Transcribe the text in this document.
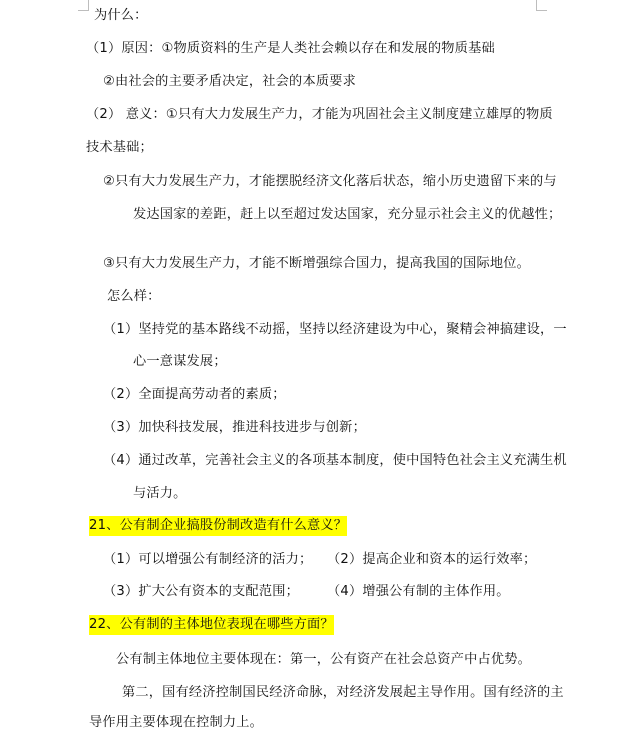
为什么：
（1）原因：①物质资料的生产是人类社会赖以存在和发展的物质基础
②由社会的主要矛盾决定，社会的本质要求
（2） 意义：①只有大力发展生产力，才能为巩固社会主义制度建立雄厚的物质
技术基础；
②只有大力发展生产力，才能摆脱经济文化落后状态，缩小历史遗留下来的与
发达国家的差距，赶上以至超过发达国家，充分显示社会主义的优越性；
③只有大力发展生产力，才能不断增强综合国力，提高我国的国际地位。
怎么样：
（1）坚持党的基本路线不动摇，坚持以经济建设为中心，聚精会神搞建设，一
心一意谋发展；
（2）全面提高劳动者的素质；
（3）加快科技发展，推进科技进步与创新；
（4）通过改革，完善社会主义的各项基本制度，使中国特色社会主义充满生机
与活力。
21、公有制企业搞股份制改造有什么意义？
（1）可以增强公有制经济的活力； （2）提高企业和资本的运行效率；
（3）扩大公有资本的支配范围； （4）增强公有制的主体作用。
22、公有制的主体地位表现在哪些方面？
公有制主体地位主要体现在：第一，公有资产在社会总资产中占优势。
第二，国有经济控制国民经济命脉，对经济发展起主导作用。国有经济的主
导作用主要体现在控制力上。
